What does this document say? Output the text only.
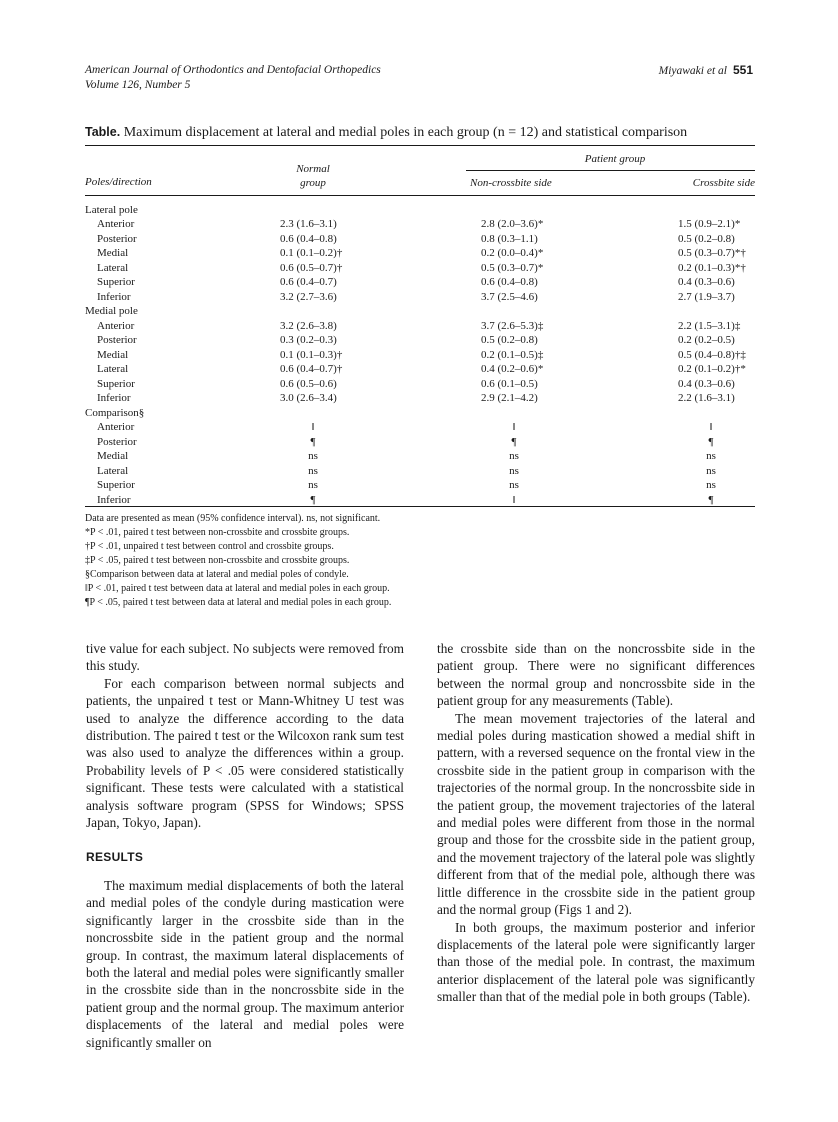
American Journal of Orthodontics and Dentofacial Orthopedics
Volume 126, Number 5
Miyawaki et al 551
Table. Maximum displacement at lateral and medial poles in each group (n = 12) and statistical comparison
Poles/direction
Normal
group
Patient group
Non-crossbite side	Crossbite side
Lateral pole
Anterior	2.3 (1.6–3.1)	2.8 (2.0–3.6)*	1.5 (0.9–2.1)*
Posterior	0.6 (0.4–0.8)	0.8 (0.3–1.1)	0.5 (0.2–0.8)
Medial	0.1 (0.1–0.2)†	0.2 (0.0–0.4)*	0.5 (0.3–0.7)*†
Lateral	0.6 (0.5–0.7)†	0.5 (0.3–0.7)*	0.2 (0.1–0.3)*†
Superior	0.6 (0.4–0.7)	0.6 (0.4–0.8)	0.4 (0.3–0.6)
Inferior	3.2 (2.7–3.6)	3.7 (2.5–4.6)	2.7 (1.9–3.7)
Medial pole
Anterior	3.2 (2.6–3.8)	3.7 (2.6–5.3)‡	2.2 (1.5–3.1)‡
Posterior	0.3 (0.2–0.3)	0.5 (0.2–0.8)	0.2 (0.2–0.5)
Medial	0.1 (0.1–0.3)†	0.2 (0.1–0.5)‡	0.5 (0.4–0.8)†‡
Lateral	0.6 (0.4–0.7)†	0.4 (0.2–0.6)*	0.2 (0.1–0.2)†*
Superior	0.6 (0.5–0.6)	0.6 (0.1–0.5)	0.4 (0.3–0.6)
Inferior	3.0 (2.6–3.4)	2.9 (2.1–4.2)	2.2 (1.6–3.1)
Comparison§
Anterior	‖	‖	‖
Posterior	¶	¶	¶
Medial	ns	ns	ns
Lateral	ns	ns	ns
Superior	ns	ns	ns
Inferior	¶	‖	¶
Data are presented as mean (95% confidence interval). ns, not significant.
*P < .01, paired t test between non-crossbite and crossbite groups.
†P < .01, unpaired t test between control and crossbite groups.
‡P < .05, paired t test between non-crossbite and crossbite groups.
§Comparison between data at lateral and medial poles of condyle.
‖P < .01, paired t test between data at lateral and medial poles in each group.
¶P < .05, paired t test between data at lateral and medial poles in each group.

tive value for each subject. No subjects were removed from this study.

For each comparison between normal subjects and patients, the unpaired t test or Mann-Whitney U test was used to analyze the difference according to the data distribution. The paired t test or the Wilcoxon rank sum test was also used to analyze the differences within a group. Probability levels of P < .05 were considered statistically significant. These tests were calculated with a statistical analysis software program (SPSS for Windows; SPSS Japan, Tokyo, Japan).

RESULTS

The maximum medial displacements of both the lateral and medial poles of the condyle during mastication were significantly larger in the crossbite side than in the noncrossbite side in the patient group and the normal group. In contrast, the maximum lateral displacements of both the lateral and medial poles were significantly smaller in the crossbite side than in the noncrossbite side in the patient group and the normal group. The maximum anterior displacements of the lateral and medial poles were significantly smaller on

the crossbite side than on the noncrossbite side in the patient group. There were no significant differences between the normal group and noncrossbite side in the patient group for any measurements (Table).

The mean movement trajectories of the lateral and medial poles during mastication showed a medial shift in pattern, with a reversed sequence on the frontal view in the crossbite side in the patient group in comparison with the trajectories of the normal group. In the noncrossbite side in the patient group, the movement trajectories of the lateral and medial poles were different from those in the normal group and those for the crossbite side in the patient group, and the movement trajectory of the lateral pole was slightly different from that of the medial pole, although there was little difference in the crossbite side in the patient group and the normal group (Figs 1 and 2).

In both groups, the maximum posterior and inferior displacements of the lateral pole were significantly larger than those of the medial pole. In contrast, the maximum anterior displacement of the lateral pole was significantly smaller than that of the medial pole in both groups (Table).
